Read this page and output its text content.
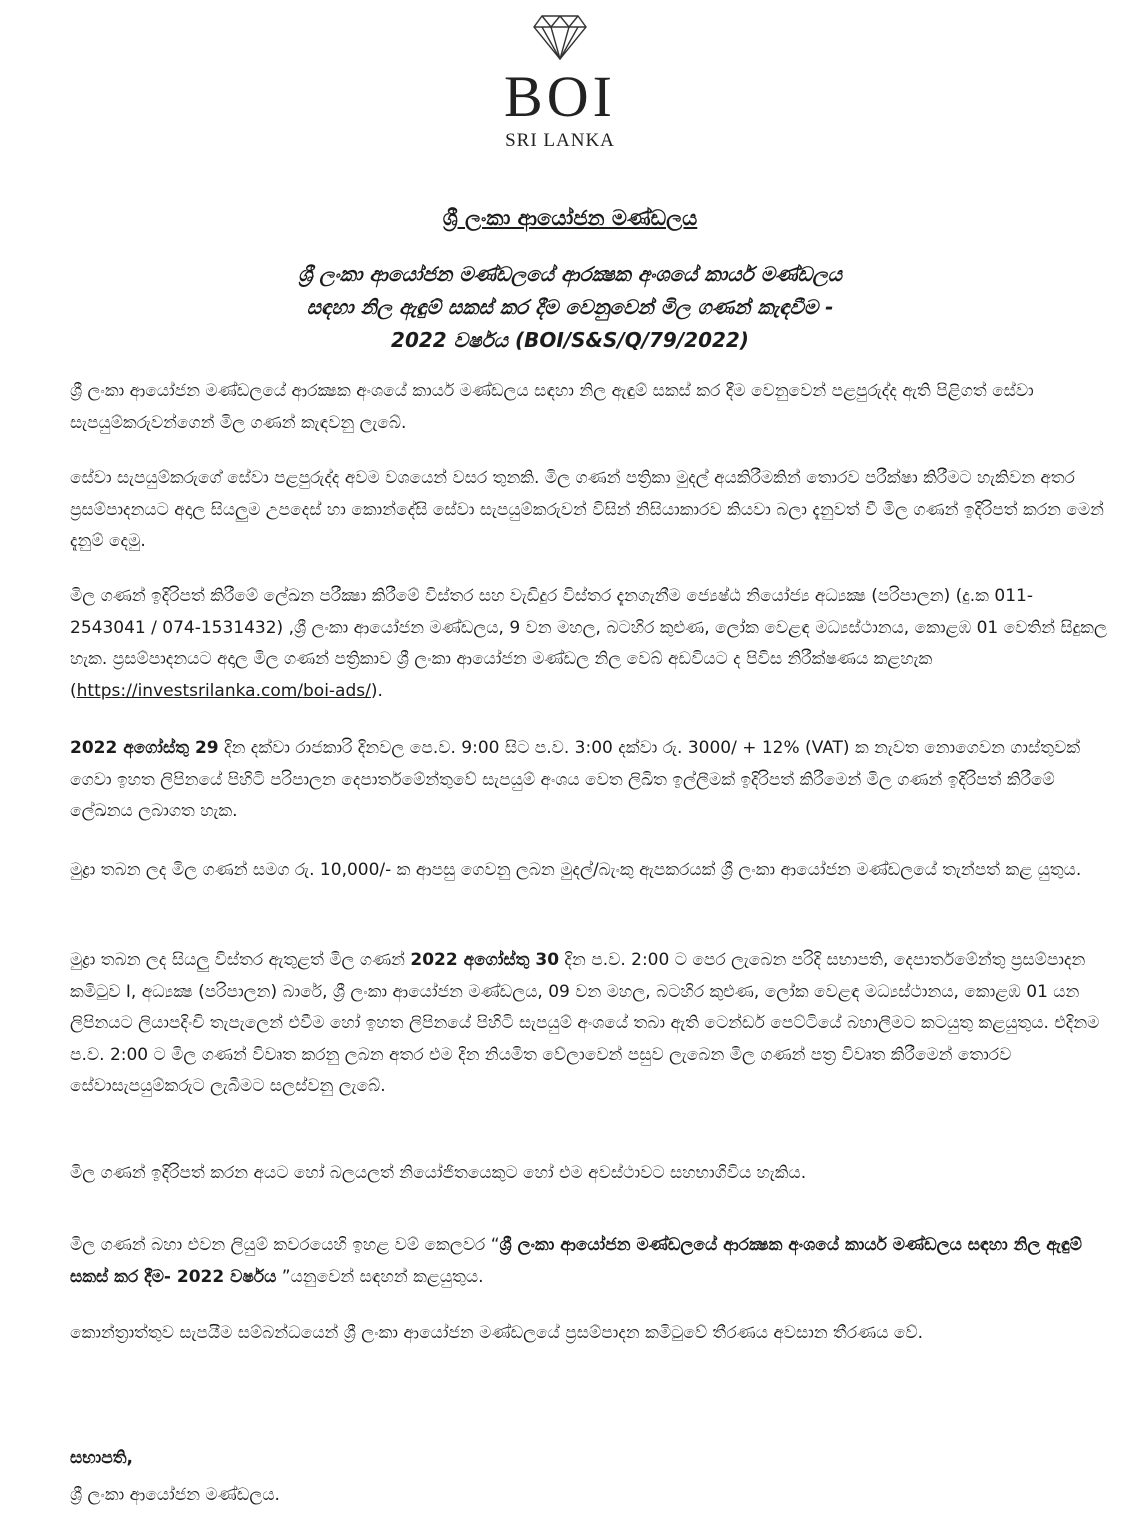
BOI
SRI LANKA
ශ්‍රී ලංකා ආයෝජන මණ්ඩලය
ශ්‍රී ලංකා ආයෝජන මණ්ඩලයේ ආරක්‍ෂක අංශයේ කාර්ය මණ්ඩලය
සඳහා නිල ඇඳුම් සකස් කර දීම වෙනුවෙන් මිල ගණන් කැඳවීම -
2022 වර්ෂය (BOI/S&S/Q/79/2022)

ශ්‍රී ලංකා ආයෝජන මණ්ඩලයේ ආරක්‍ෂක අංශයේ කාර්ය මණ්ඩලය සඳහා නිල ඇඳුම් සකස් කර දීම වෙනුවෙන් පළපුරුද්ද ඇති පිළිගත් සේවා සැපයුම්කරුවන්ගෙන් මිල ගණන් කැඳවනු ලැබේ.

සේවා සැපයුම්කරුගේ සේවා පළපුරුද්ද අවම වශයෙන් වසර තුනකි. මිල ගණන් පත්‍රිකා මුදල් අයකිරීමකින් තොරව පරීක්ෂා කිරීමට හැකිවන අතර ප්‍රසම්පාදනයට අදාල සියලුම උපදෙස් හා කොන්දේසි සේවා සැපයුම්කරුවන් විසින් නිසියාකාරව කියවා බලා දැනුවත් වී මිල ගණන් ඉදිරිපත් කරන මෙන් දැනුම් දෙමු.

මිල ගණන් ඉදිරිපත් කිරීමේ ලේඛන පරීක්‍ෂා කිරීමේ විස්තර සහ වැඩිදුර විස්තර දැනගැනීම ජ්‍යෙෂ්ඨ නියෝජ්‍ය අධ්‍යක්‍ෂ (පරිපාලන) (දු.ක 011- 2543041 / 074-1531432) ,ශ්‍රී ලංකා ආයෝජන මණ්ඩලය, 9 වන මහල, බටහිර කුළුණ, ලෝක වෙළඳ මධ්‍යස්ථානය, කොළඹ 01 වෙතින් සිදුකල හැක. ප්‍රසම්පාදනයට අදාල මිල ගණන් පත්‍රිකාව ශ්‍රී ලංකා ආයෝජන මණ්ඩල නිල වෙබ් අඩවියට ද පිවිස නිරීක්ෂණය කළහැක (https://investsrilanka.com/boi-ads/).

2022 අගෝස්තු 29 දින දක්වා රාජකාරි දිනවල පෙ.ව. 9:00 සිට ප.ව. 3:00 දක්වා රු. 3000/ + 12% (VAT) ක නැවත නොගෙවන ගාස්තුවක් ගෙවා ඉහත ලිපිනයේ පිහිටි පරිපාලන දෙපාර්තමේන්තුවේ සැපයුම් අංශය වෙත ලිඛිත ඉල්ලීමක් ඉදිරිපත් කිරීමෙන් මිල ගණන් ඉදිරිපත් කිරීමේ ලේඛනය ලබාගත හැක.

මුද්‍රා තබන ලද මිල ගණන් සමග රු. 10,000/- ක ආපසු ගෙවනු ලබන මුදල්/බැංකු ඇපකරයක් ශ්‍රී ලංකා ආයෝජන මණ්ඩලයේ තැන්පත් කළ යුතුය.

මුද්‍රා තබන ලද සියලු විස්තර ඇතුළත් මිල ගණන් 2022 අගෝස්තු 30 දින ප.ව. 2:00 ට පෙර ලැබෙන පරිදි සභාපති, දෙපාර්තමේන්තු ප්‍රසම්පාදන කමිටුව I, අධ්‍යක්‍ෂ (පරිපාලන) බාරේ, ශ්‍රී ලංකා ආයෝජන මණ්ඩලය, 09 වන මහල, බටහිර කුළුණ, ලෝක වෙළඳ මධ්‍යස්ථානය, කොළඹ 01 යන ලිපිනයට ලියාපදිංචි තැපැලෙන් එවීම හෝ ඉහත ලිපිනයේ පිහිටි සැපයුම් අංශයේ තබා ඇති ටෙන්ඩර් පෙට්ටියේ බහාලීමට කටයුතු කළයුතුය. එදිනම ප.ව. 2:00 ට මිල ගණන් විවෘත කරනු ලබන අතර එම දින නියමිත වේලාවෙන් පසුව ලැබෙන මිල ගණන් පත්‍ර විවෘත කිරීමෙන් තොරව සේවාසැපයුම්කරුට ලැබීමට සලස්වනු ලැබේ.

මිල ගණන් ඉදිරිපත් කරන අයට හෝ බලයලත් නියෝජිතයෙකුට හෝ එම අවස්ථාවට සහභාගිවිය හැකිය.

මිල ගණන් බහා එවන ලියුම් කවරයෙහි ඉහළ වම් කෙලවර “ශ්‍රී ලංකා ආයෝජන මණ්ඩලයේ ආරක්‍ෂක අංශයේ කාර්ය මණ්ඩලය සඳහා නිල ඇඳුම් සකස් කර දීම- 2022 වර්ෂය ”යනුවෙන් සඳහන් කළයුතුය.

කොන්ත්‍රාත්තුව සැපයීම සම්බන්ධයෙන් ශ්‍රී ලංකා ආයෝජන මණ්ඩලයේ ප්‍රසම්පාදන කමිටුවේ තීරණය අවසාන තීරණය වේ.

සභාපති,
ශ්‍රී ලංකා ආයෝජන මණ්ඩලය.
